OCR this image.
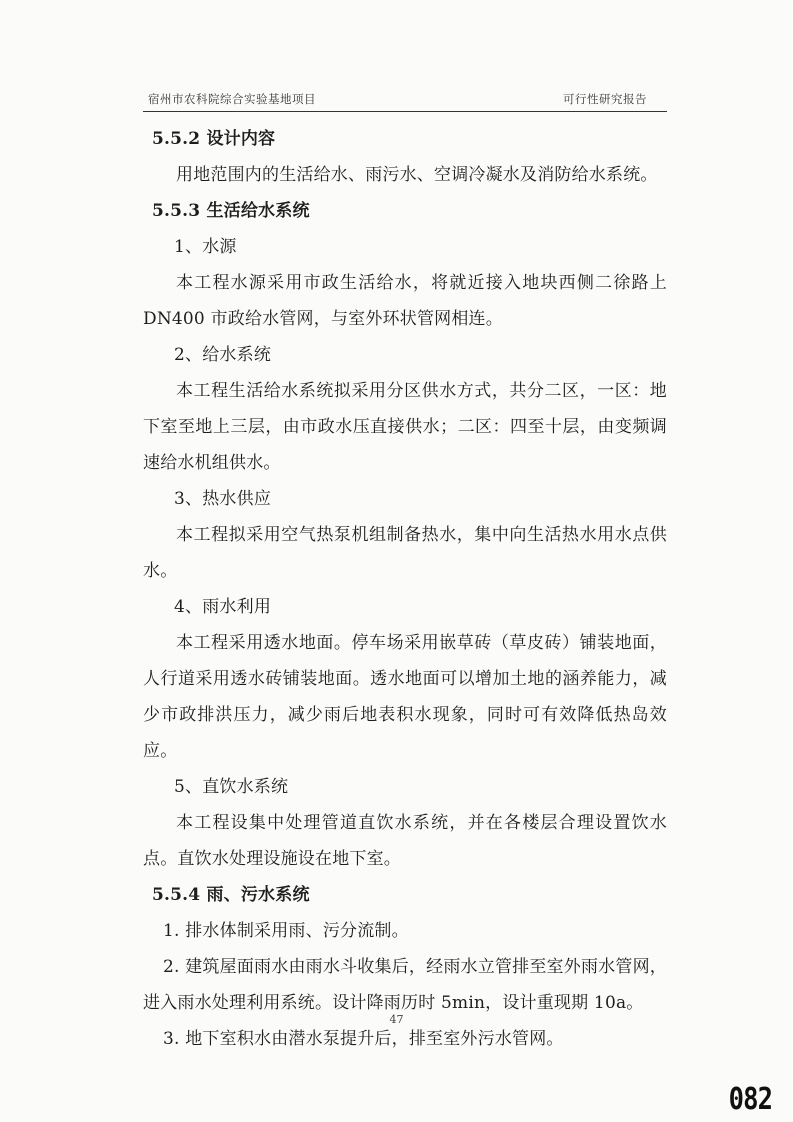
宿州市农科院综合实验基地项目	可行性研究报告

5.5.2 设计内容

用地范围内的生活给水、雨污水、空调冷凝水及消防给水系统。

5.5.3 生活给水系统

1、水源

本工程水源采用市政生活给水，将就近接入地块西侧二徐路上DN400 市政给水管网，与室外环状管网相连。

2、给水系统

本工程生活给水系统拟采用分区供水方式，共分二区，一区：地下室至地上三层，由市政水压直接供水；二区：四至十层，由变频调速给水机组供水。

3、热水供应

本工程拟采用空气热泵机组制备热水，集中向生活热水用水点供水。

4、雨水利用

本工程采用透水地面。停车场采用嵌草砖（草皮砖）铺装地面，人行道采用透水砖铺装地面。透水地面可以增加土地的涵养能力，减少市政排洪压力，减少雨后地表积水现象，同时可有效降低热岛效应。

5、直饮水系统

本工程设集中处理管道直饮水系统，并在各楼层合理设置饮水点。直饮水处理设施设在地下室。

5.5.4 雨、污水系统

1. 排水体制采用雨、污分流制。

2. 建筑屋面雨水由雨水斗收集后，经雨水立管排至室外雨水管网，进入雨水处理利用系统。设计降雨历时 5min，设计重现期 10a。

3. 地下室积水由潜水泵提升后，排至室外污水管网。

47
082
